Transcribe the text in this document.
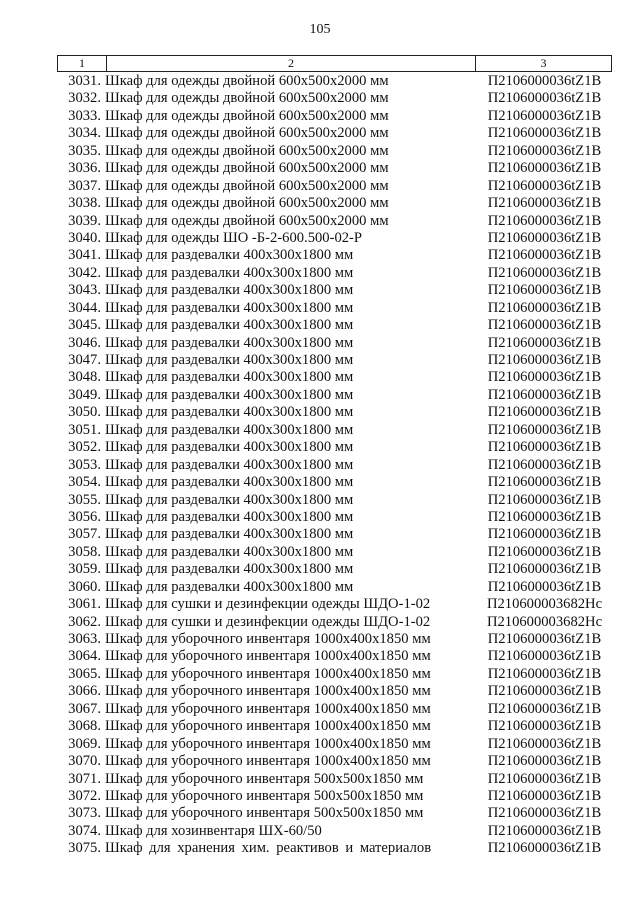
105
1	2	3
3031. Шкаф для одежды двойной 600x500x2000 мм	П2106000036tZ1B
3032. Шкаф для одежды двойной 600x500x2000 мм	П2106000036tZ1B
3033. Шкаф для одежды двойной 600x500x2000 мм	П2106000036tZ1B
3034. Шкаф для одежды двойной 600x500x2000 мм	П2106000036tZ1B
3035. Шкаф для одежды двойной 600x500x2000 мм	П2106000036tZ1B
3036. Шкаф для одежды двойной 600x500x2000 мм	П2106000036tZ1B
3037. Шкаф для одежды двойной 600x500x2000 мм	П2106000036tZ1B
3038. Шкаф для одежды двойной 600x500x2000 мм	П2106000036tZ1B
3039. Шкаф для одежды двойной 600x500x2000 мм	П2106000036tZ1B
3040. Шкаф для одежды ШО -Б-2-600.500-02-Р	П2106000036tZ1B
3041. Шкаф для раздевалки 400x300x1800 мм	П2106000036tZ1B
3042. Шкаф для раздевалки 400x300x1800 мм	П2106000036tZ1B
3043. Шкаф для раздевалки 400x300x1800 мм	П2106000036tZ1B
3044. Шкаф для раздевалки 400x300x1800 мм	П2106000036tZ1B
3045. Шкаф для раздевалки 400x300x1800 мм	П2106000036tZ1B
3046. Шкаф для раздевалки 400x300x1800 мм	П2106000036tZ1B
3047. Шкаф для раздевалки 400x300x1800 мм	П2106000036tZ1B
3048. Шкаф для раздевалки 400x300x1800 мм	П2106000036tZ1B
3049. Шкаф для раздевалки 400x300x1800 мм	П2106000036tZ1B
3050. Шкаф для раздевалки 400x300x1800 мм	П2106000036tZ1B
3051. Шкаф для раздевалки 400x300x1800 мм	П2106000036tZ1B
3052. Шкаф для раздевалки 400x300x1800 мм	П2106000036tZ1B
3053. Шкаф для раздевалки 400x300x1800 мм	П2106000036tZ1B
3054. Шкаф для раздевалки 400x300x1800 мм	П2106000036tZ1B
3055. Шкаф для раздевалки 400x300x1800 мм	П2106000036tZ1B
3056. Шкаф для раздевалки 400x300x1800 мм	П2106000036tZ1B
3057. Шкаф для раздевалки 400x300x1800 мм	П2106000036tZ1B
3058. Шкаф для раздевалки 400x300x1800 мм	П2106000036tZ1B
3059. Шкаф для раздевалки 400x300x1800 мм	П2106000036tZ1B
3060. Шкаф для раздевалки 400x300x1800 мм	П2106000036tZ1B
3061. Шкаф для сушки и дезинфекции одежды ШДО-1-02	П210600003682Нс
3062. Шкаф для сушки и дезинфекции одежды ШДО-1-02	П210600003682Нс
3063. Шкаф для уборочного инвентаря 1000x400x1850 мм	П2106000036tZ1B
3064. Шкаф для уборочного инвентаря 1000x400x1850 мм	П2106000036tZ1B
3065. Шкаф для уборочного инвентаря 1000x400x1850 мм	П2106000036tZ1B
3066. Шкаф для уборочного инвентаря 1000x400x1850 мм	П2106000036tZ1B
3067. Шкаф для уборочного инвентаря 1000x400x1850 мм	П2106000036tZ1B
3068. Шкаф для уборочного инвентаря 1000x400x1850 мм	П2106000036tZ1B
3069. Шкаф для уборочного инвентаря 1000x400x1850 мм	П2106000036tZ1B
3070. Шкаф для уборочного инвентаря 1000x400x1850 мм	П2106000036tZ1B
3071. Шкаф для уборочного инвентаря 500x500x1850 мм	П2106000036tZ1B
3072. Шкаф для уборочного инвентаря 500x500x1850 мм	П2106000036tZ1B
3073. Шкаф для уборочного инвентаря 500x500x1850 мм	П2106000036tZ1B
3074. Шкаф для хозинвентаря ШХ-60/50	П2106000036tZ1B
3075. Шкаф для хранения хим. реактивов и материалов	П2106000036tZ1B
